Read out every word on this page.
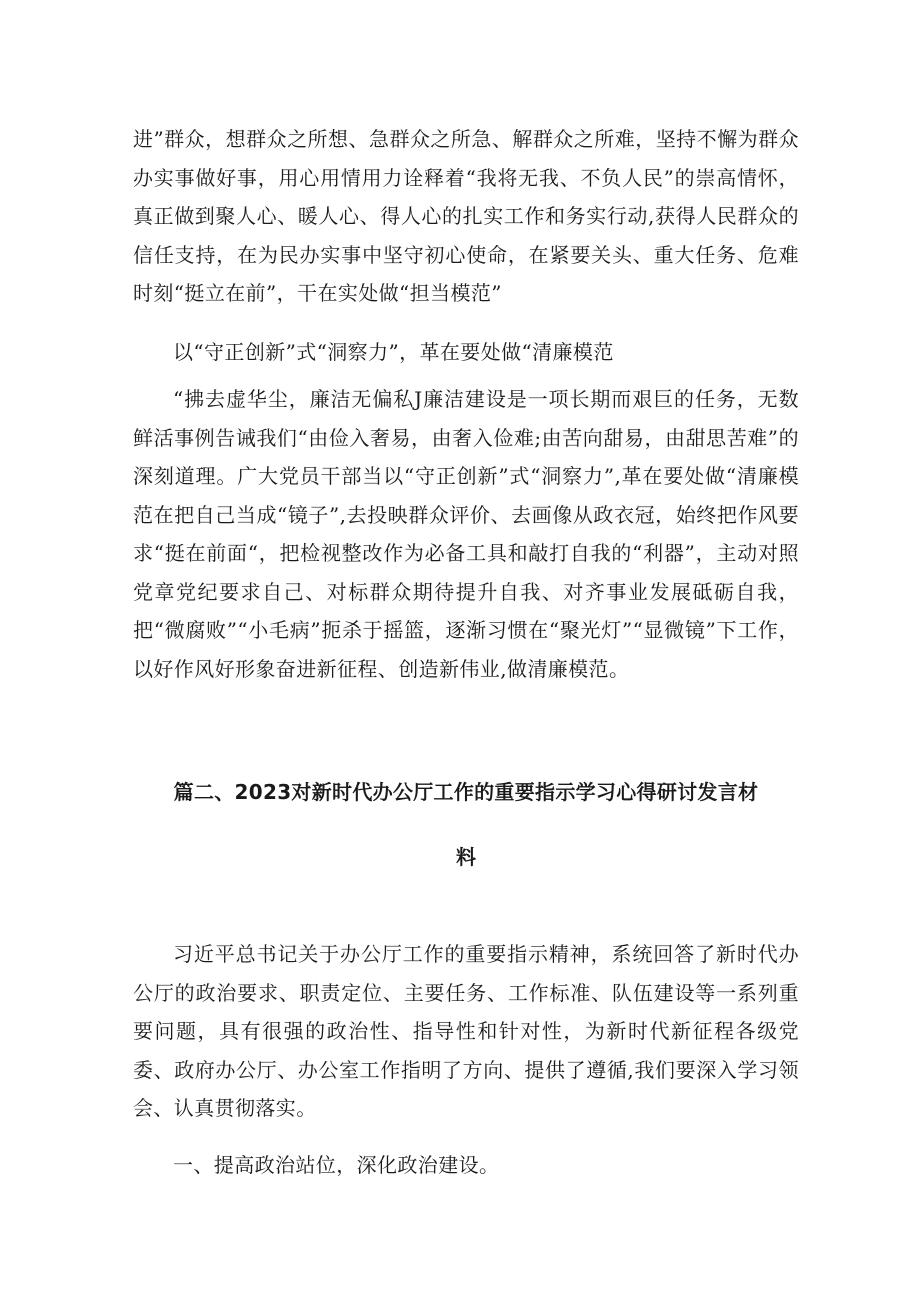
进”群众，想群众之所想、急群众之所急、解群众之所难，坚持不懈为群众办实事做好事，用心用情用力诠释着“我将无我、不负人民”的崇高情怀，真正做到聚人心、暖人心、得人心的扎实工作和务实行动,获得人民群众的信任支持，在为民办实事中坚守初心使命，在紧要关头、重大任务、危难时刻“挺立在前”，干在实处做“担当模范”

以“守正创新”式“洞察力”，革在要处做“清廉模范

“拂去虚华尘，廉洁无偏私J廉洁建设是一项长期而艰巨的任务，无数鲜活事例告诫我们“由俭入奢易，由奢入俭难;由苦向甜易，由甜思苦难”的深刻道理。广大党员干部当以“守正创新”式“洞察力”,革在要处做“清廉模范在把自己当成“镜子”,去投映群众评价、去画像从政衣冠，始终把作风要求“挺在前面“，把检视整改作为必备工具和敲打自我的“利器”，主动对照党章党纪要求自己、对标群众期待提升自我、对齐事业发展砥砺自我，把“微腐败”“小毛病”扼杀于摇篮，逐渐习惯在“聚光灯”“显微镜”下工作，以好作风好形象奋进新征程、创造新伟业,做清廉模范。

篇二、2023对新时代办公厅工作的重要指示学习心得研讨发言材
料

习近平总书记关于办公厅工作的重要指示精神，系统回答了新时代办公厅的政治要求、职责定位、主要任务、工作标准、队伍建设等一系列重要问题，具有很强的政治性、指导性和针对性，为新时代新征程各级党委、政府办公厅、办公室工作指明了方向、提供了遵循,我们要深入学习领会、认真贯彻落实。

一、提高政治站位，深化政治建设。
